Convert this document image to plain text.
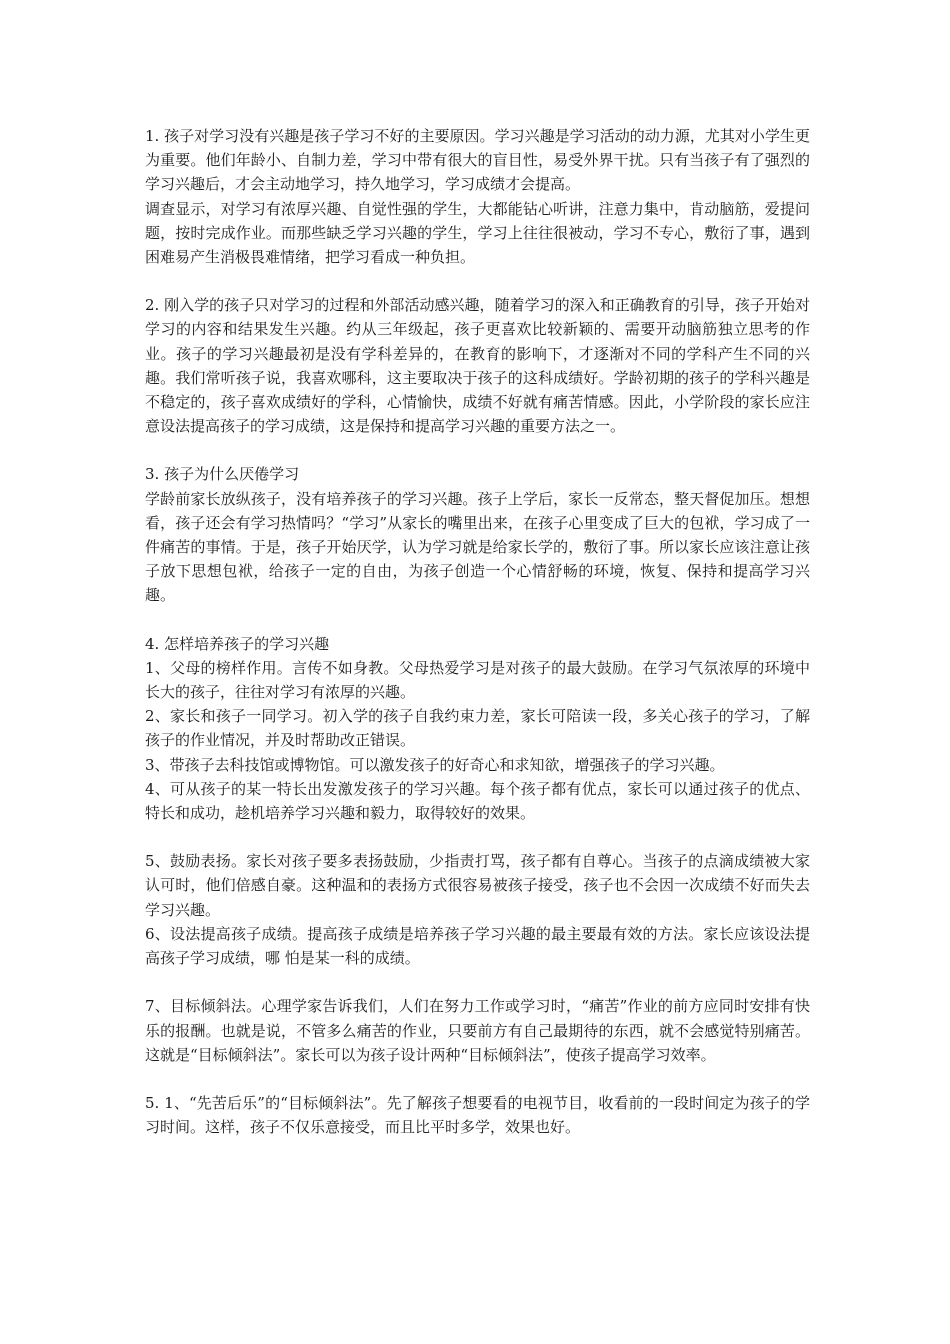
1. 孩子对学习没有兴趣是孩子学习不好的主要原因。学习兴趣是学习活动的动力源，尤其对小学生更为重要。他们年龄小、自制力差，学习中带有很大的盲目性，易受外界干扰。只有当孩子有了强烈的学习兴趣后，才会主动地学习，持久地学习，学习成绩才会提高。

调查显示，对学习有浓厚兴趣、自觉性强的学生，大都能钻心听讲，注意力集中，肯动脑筋，爱提问题，按时完成作业。而那些缺乏学习兴趣的学生，学习上往往很被动，学习不专心，敷衍了事，遇到困难易产生消极畏难情绪，把学习看成一种负担。

2. 刚入学的孩子只对学习的过程和外部活动感兴趣，随着学习的深入和正确教育的引导，孩子开始对学习的内容和结果发生兴趣。约从三年级起，孩子更喜欢比较新颖的、需要开动脑筋独立思考的作业。孩子的学习兴趣最初是没有学科差异的，在教育的影响下，才逐渐对不同的学科产生不同的兴趣。我们常听孩子说，我喜欢哪科，这主要取决于孩子的这科成绩好。学龄初期的孩子的学科兴趣是不稳定的，孩子喜欢成绩好的学科，心情愉快，成绩不好就有痛苦情感。因此，小学阶段的家长应注意设法提高孩子的学习成绩，这是保持和提高学习兴趣的重要方法之一。

3. 孩子为什么厌倦学习

学龄前家长放纵孩子，没有培养孩子的学习兴趣。孩子上学后，家长一反常态，整天督促加压。想想看，孩子还会有学习热情吗？“学习”从家长的嘴里出来，在孩子心里变成了巨大的包袱，学习成了一件痛苦的事情。于是，孩子开始厌学，认为学习就是给家长学的，敷衍了事。所以家长应该注意让孩子放下思想包袱，给孩子一定的自由，为孩子创造一个心情舒畅的环境，恢复、保持和提高学习兴趣。

4. 怎样培养孩子的学习兴趣

1、父母的榜样作用。言传不如身教。父母热爱学习是对孩子的最大鼓励。在学习气氛浓厚的环境中长大的孩子，往往对学习有浓厚的兴趣。

2、家长和孩子一同学习。初入学的孩子自我约束力差，家长可陪读一段，多关心孩子的学习，了解孩子的作业情况，并及时帮助改正错误。

3、带孩子去科技馆或博物馆。可以激发孩子的好奇心和求知欲，增强孩子的学习兴趣。

4、可从孩子的某一特长出发激发孩子的学习兴趣。每个孩子都有优点，家长可以通过孩子的优点、特长和成功，趁机培养学习兴趣和毅力，取得较好的效果。

5、鼓励表扬。家长对孩子要多表扬鼓励，少指责打骂，孩子都有自尊心。当孩子的点滴成绩被大家认可时，他们倍感自豪。这种温和的表扬方式很容易被孩子接受，孩子也不会因一次成绩不好而失去学习兴趣。

6、设法提高孩子成绩。提高孩子成绩是培养孩子学习兴趣的最主要最有效的方法。家长应该设法提高孩子学习成绩，哪 怕是某一科的成绩。

7、目标倾斜法。心理学家告诉我们，人们在努力工作或学习时，“痛苦”作业的前方应同时安排有快乐的报酬。也就是说，不管多么痛苦的作业，只要前方有自己最期待的东西，就不会感觉特别痛苦。这就是“目标倾斜法”。家长可以为孩子设计两种“目标倾斜法”，使孩子提高学习效率。

5. 1、“先苦后乐”的“目标倾斜法”。先了解孩子想要看的电视节目，收看前的一段时间定为孩子的学习时间。这样，孩子不仅乐意接受，而且比平时多学，效果也好。
